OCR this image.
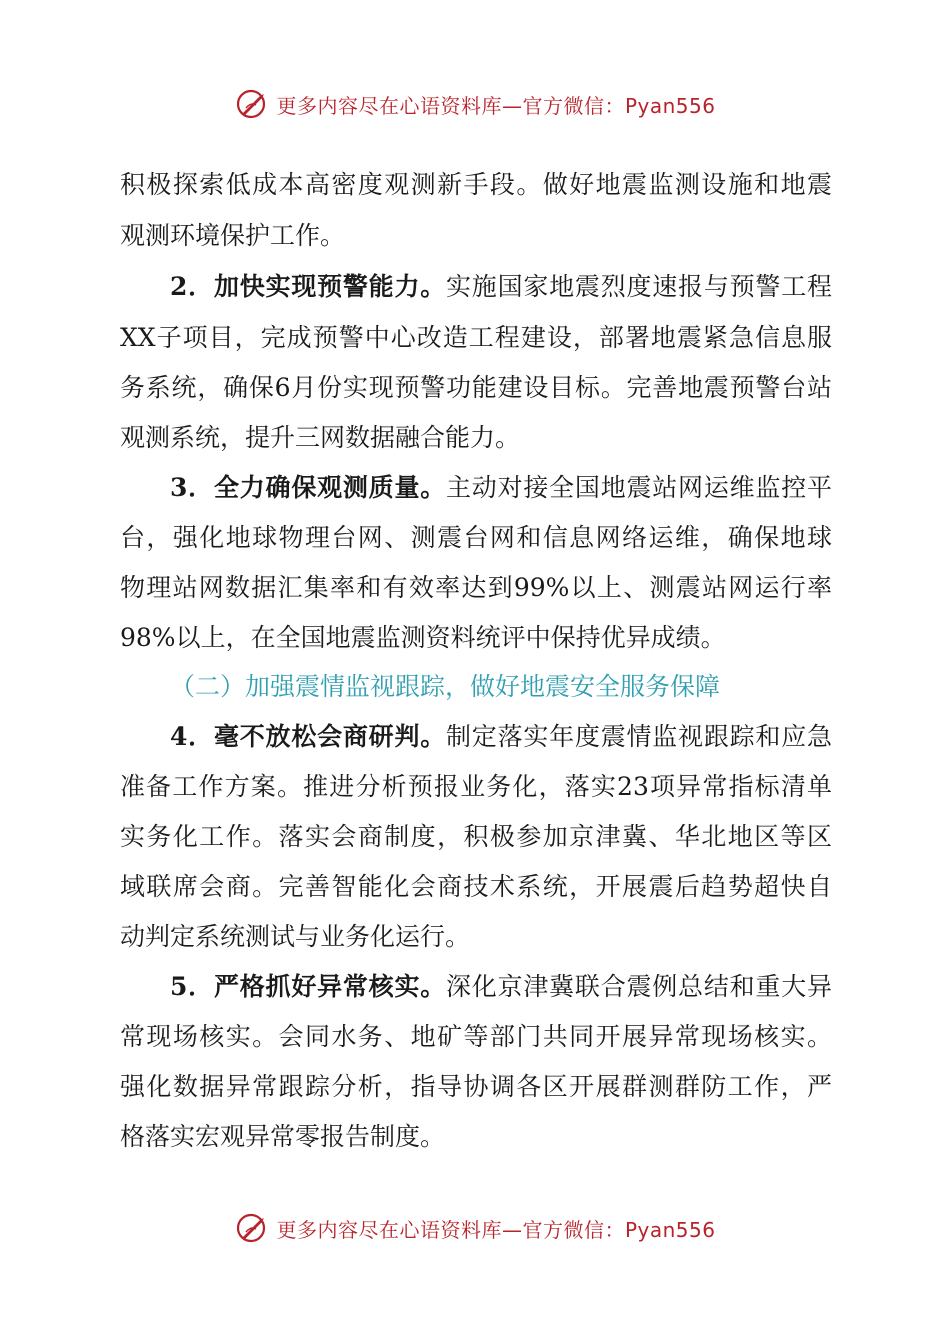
更多内容尽在心语资料库—官方微信：Pyan556
积极探索低成本高密度观测新手段。做好地震监测设施和地震
观测环境保护工作。
2．加快实现预警能力。实施国家地震烈度速报与预警工程
XX子项目，完成预警中心改造工程建设，部署地震紧急信息服
务系统，确保6月份实现预警功能建设目标。完善地震预警台站
观测系统，提升三网数据融合能力。
3．全力确保观测质量。主动对接全国地震站网运维监控平
台，强化地球物理台网、测震台网和信息网络运维，确保地球
物理站网数据汇集率和有效率达到99%以上、测震站网运行率
98%以上，在全国地震监测资料统评中保持优异成绩。
（二）加强震情监视跟踪，做好地震安全服务保障
4．毫不放松会商研判。制定落实年度震情监视跟踪和应急
准备工作方案。推进分析预报业务化，落实23项异常指标清单
实务化工作。落实会商制度，积极参加京津冀、华北地区等区
域联席会商。完善智能化会商技术系统，开展震后趋势超快自
动判定系统测试与业务化运行。
5．严格抓好异常核实。深化京津冀联合震例总结和重大异
常现场核实。会同水务、地矿等部门共同开展异常现场核实。
强化数据异常跟踪分析，指导协调各区开展群测群防工作，严
格落实宏观异常零报告制度。
更多内容尽在心语资料库—官方微信：Pyan556
